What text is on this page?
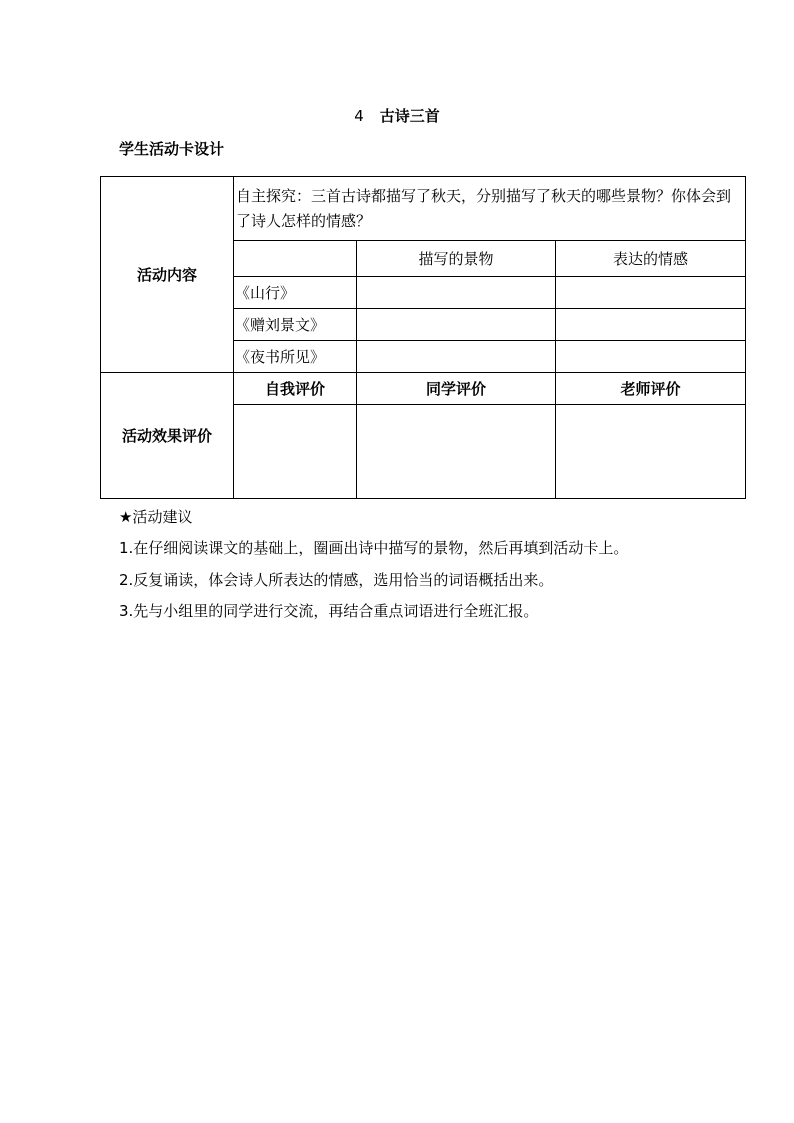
4 古诗三首
学生活动卡设计
活动内容	自主探究：三首古诗都描写了秋天，分别描写了秋天的哪些景物？你体会到了诗人怎样的情感？		
		描写的景物	表达的情感
	《山行》		
	《赠刘景文》		
	《夜书所见》		
活动效果评价	自我评价	同学评价	老师评价

★活动建议
1.在仔细阅读课文的基础上，圈画出诗中描写的景物，然后再填到活动卡上。
2.反复诵读，体会诗人所表达的情感，选用恰当的词语概括出来。
3.先与小组里的同学进行交流，再结合重点词语进行全班汇报。
